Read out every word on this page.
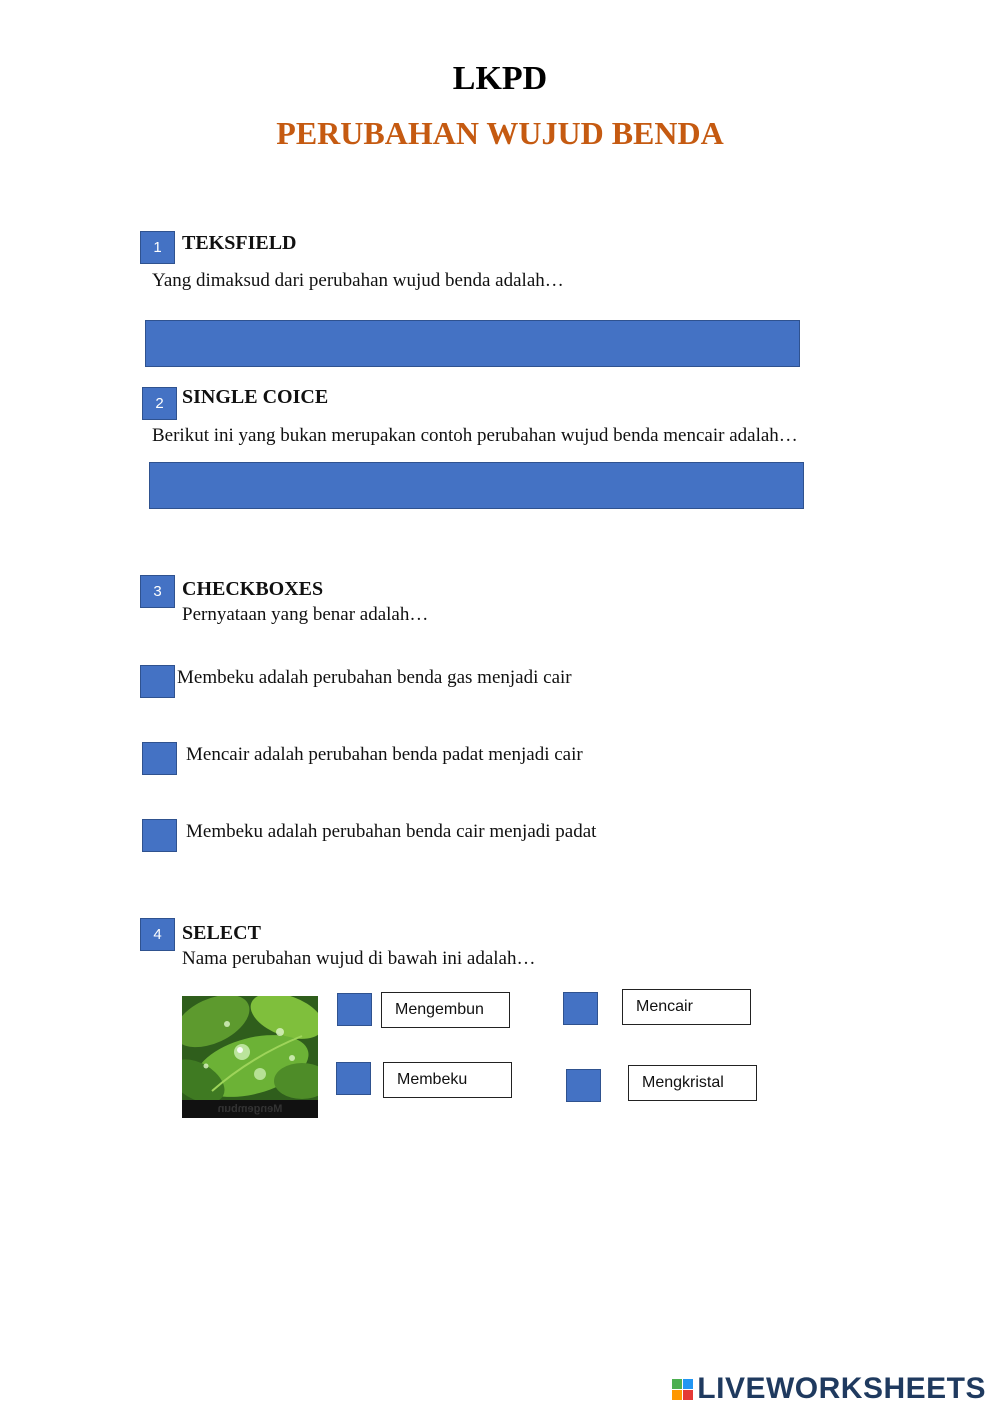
LKPD
PERUBAHAN WUJUD BENDA
1	TEKSFIELD
Yang dimaksud dari perubahan wujud benda adalah…
2 SINGLE COICE
Berikut ini yang bukan merupakan contoh perubahan wujud benda mencair adalah…
3	CHECKBOXES
Pernyataan yang benar adalah…
Membeku adalah perubahan benda gas menjadi cair
Mencair adalah perubahan benda padat menjadi cair
Membeku adalah perubahan benda cair menjadi padat
4	SELECT
Nama perubahan wujud di bawah ini adalah…
Mengembun
Mengembun	Mencair
Membeku	Mengkristal
LIVEWORKSHEETS
